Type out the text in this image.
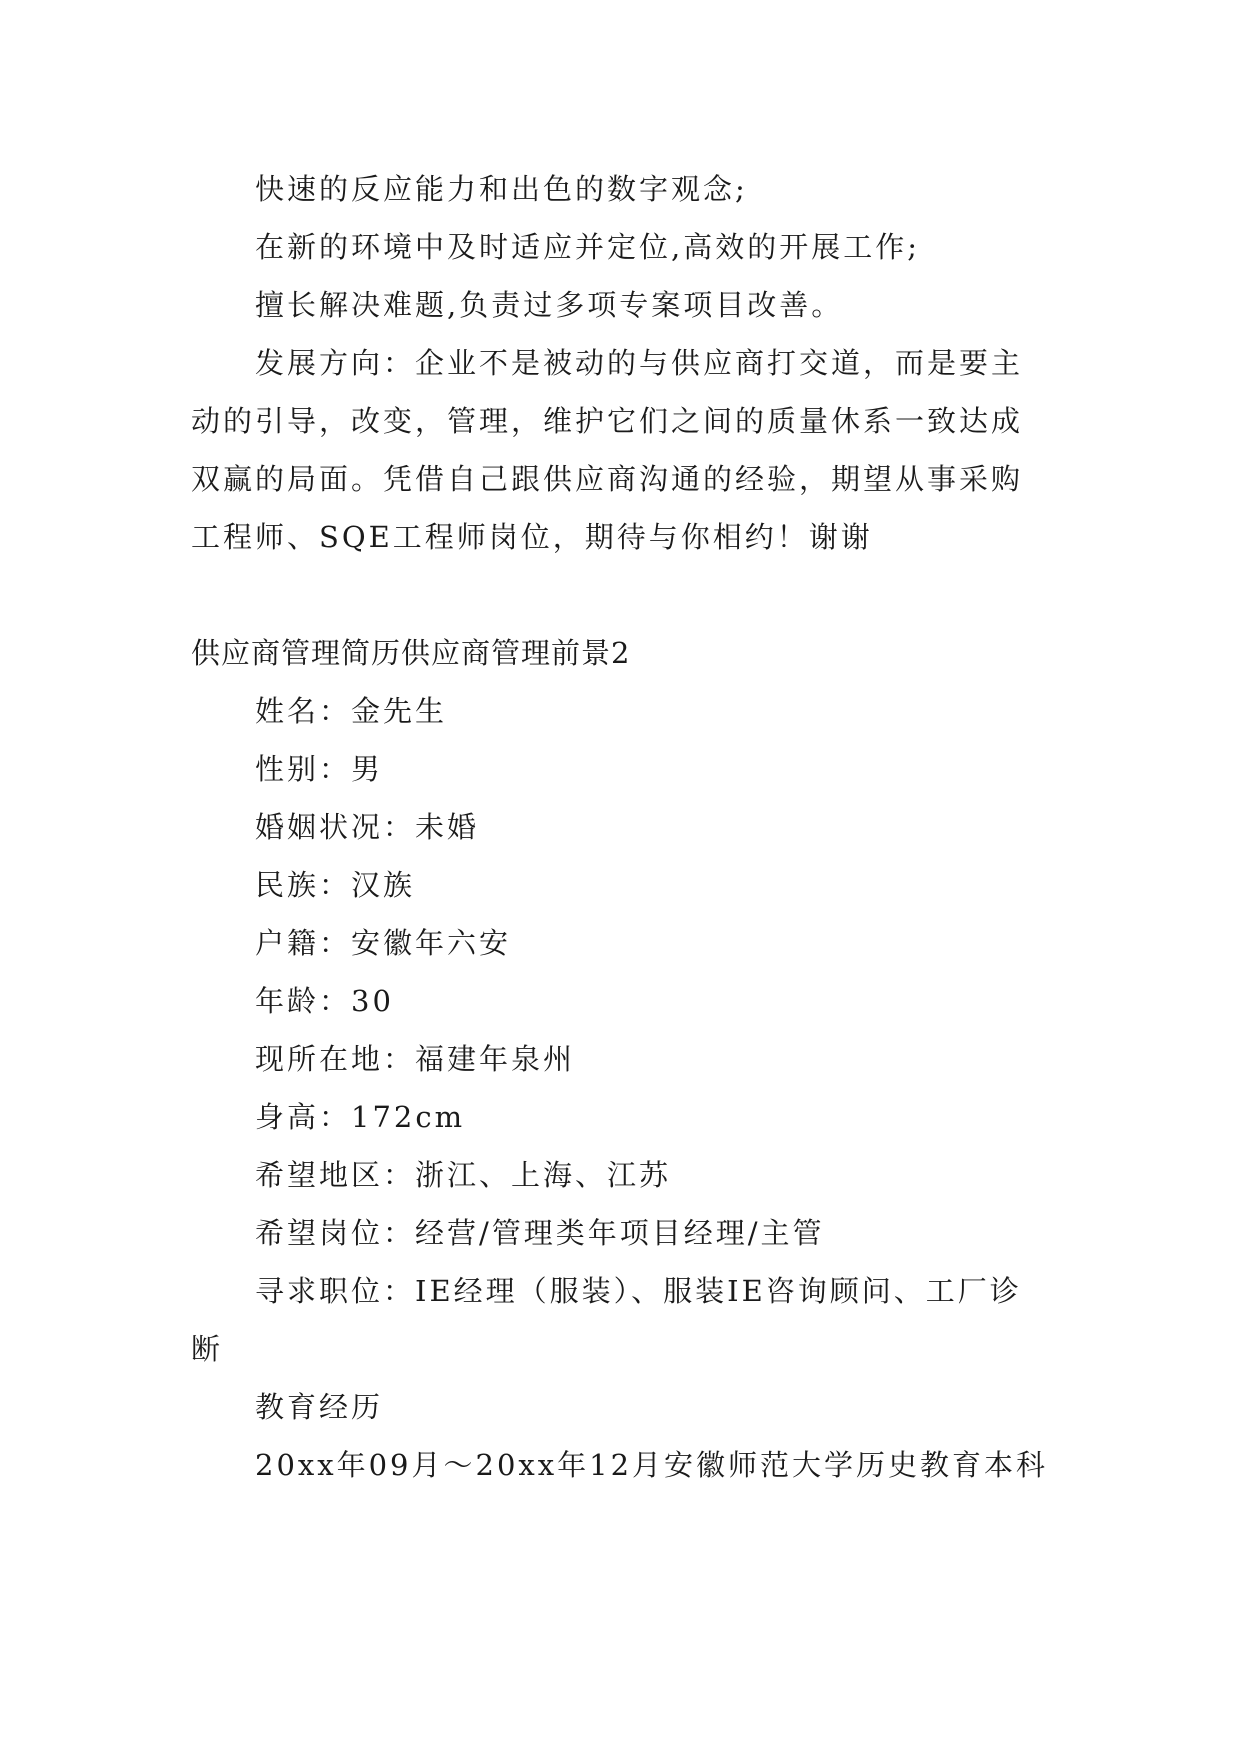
快速的反应能力和出色的数字观念;

在新的环境中及时适应并定位,高效的开展工作;

擅长解决难题,负责过多项专案项目改善。

发展方向：企业不是被动的与供应商打交道，而是要主动的引导，改变，管理，维护它们之间的质量休系一致达成双赢的局面。凭借自己跟供应商沟通的经验，期望从事采购工程师、SQE工程师岗位，期待与你相约！谢谢

供应商管理简历供应商管理前景2

姓名：金先生

性别：男

婚姻状况：未婚

民族：汉族

户籍：安徽年六安

年龄：30

现所在地：福建年泉州

身高：172cm

希望地区：浙江、上海、江苏

希望岗位：经营/管理类年项目经理/主管

寻求职位：IE经理（服装）、服装IE咨询顾问、工厂诊断

教育经历

20xx年09月～20xx年12月安徽师范大学历史教育本科
